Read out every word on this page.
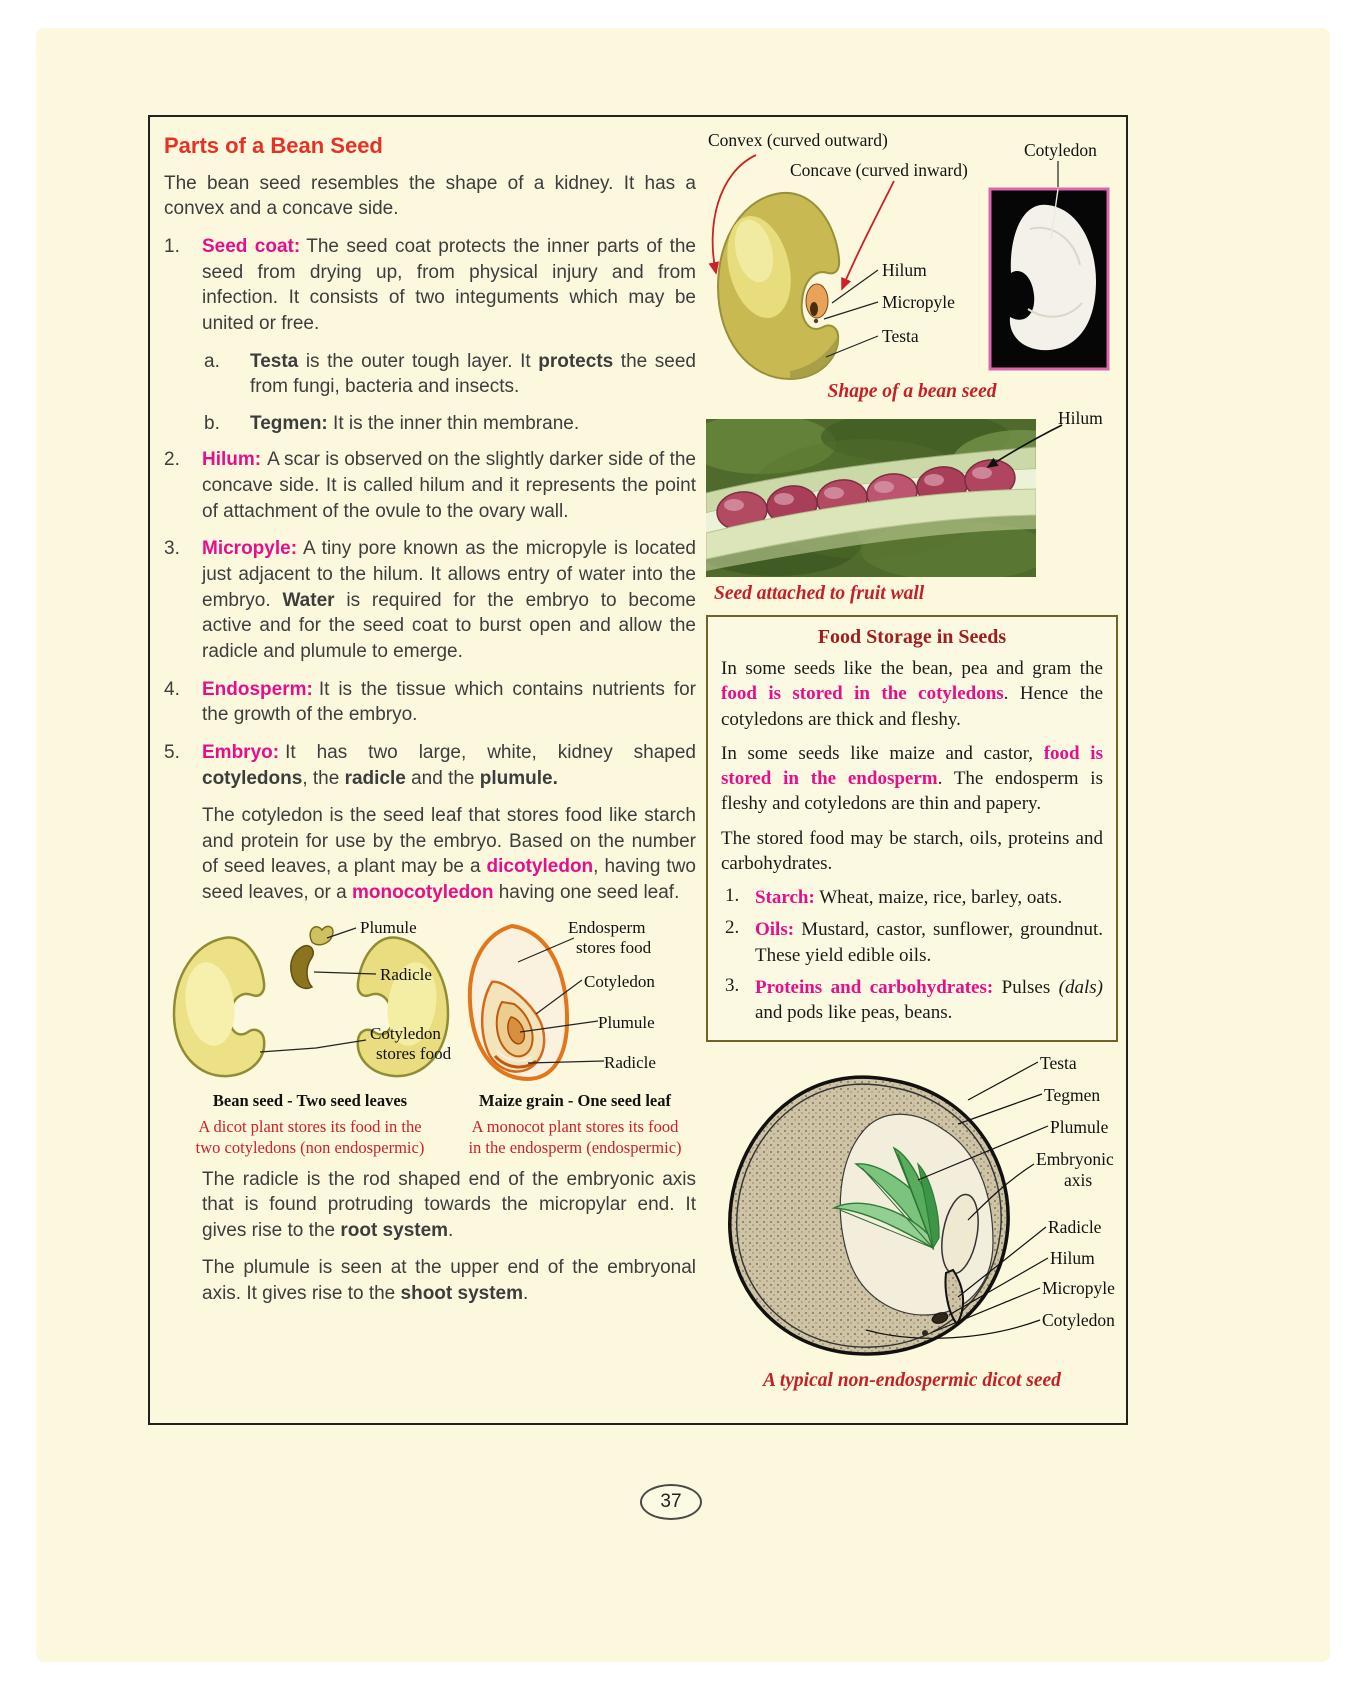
Parts of a Bean Seed

The bean seed resembles the shape of a kidney. It has a convex and a concave side.

1.	Seed coat: The seed coat protects the inner parts of the seed from drying up, from physical injury and from infection. It consists of two integuments which may be united or free.

a.	Testa is the outer tough layer. It protects the seed from fungi, bacteria and insects.

b.	Tegmen: It is the inner thin membrane.

2.	Hilum: A scar is observed on the slightly darker side of the concave side. It is called hilum and it represents the point of attachment of the ovule to the ovary wall.

3.	Micropyle: A tiny pore known as the micropyle is located just adjacent to the hilum. It allows entry of water into the embryo. Water is required for the embryo to become active and for the seed coat to burst open and allow the radicle and plumule to emerge.

4.	Endosperm: It is the tissue which contains nutrients for the growth of the embryo.

5.	Embryo: It has two large, white, kidney shaped cotyledons, the radicle and the plumule.

The cotyledon is the seed leaf that stores food like starch and protein for use by the embryo. Based on the number of seed leaves, a plant may be a dicotyledon, having two seed leaves, or a monocotyledon having one seed leaf.

Plumule
Radicle
Cotyledon
stores food
Bean seed - Two seed leaves
A dicot plant stores its food in the
two cotyledons (non endospermic)
Endosperm
stores food
Cotyledon
Plumule
Radicle
Maize grain - One seed leaf
A monocot plant stores its food
in the endosperm (endospermic)

The radicle is the rod shaped end of the embryonic axis that is found protruding towards the micropylar end. It gives rise to the root system.

The plumule is seen at the upper end of the embryonal axis. It gives rise to the shoot system.

Convex (curved outward)
Concave (curved inward)
Hilum
Micropyle
Testa
Cotyledon
Shape of a bean seed
Hilum
Seed attached to fruit wall
Food Storage in Seeds

In some seeds like the bean, pea and gram the food is stored in the cotyledons. Hence the cotyledons are thick and fleshy.

In some seeds like maize and castor, food is stored in the endosperm. The endosperm is fleshy and cotyledons are thin and papery.

The stored food may be starch, oils, proteins and carbohydrates.

1. Starch: Wheat, maize, rice, barley, oats.

2. Oils: Mustard, castor, sunflower, groundnut. These yield edible oils.

3. Proteins and carbohydrates: Pulses (dals) and pods like peas, beans.

Testa
Tegmen
Plumule
Embryonic
axis
Radicle
Hilum
Micropyle
Cotyledon
A typical non-endospermic dicot seed
37
